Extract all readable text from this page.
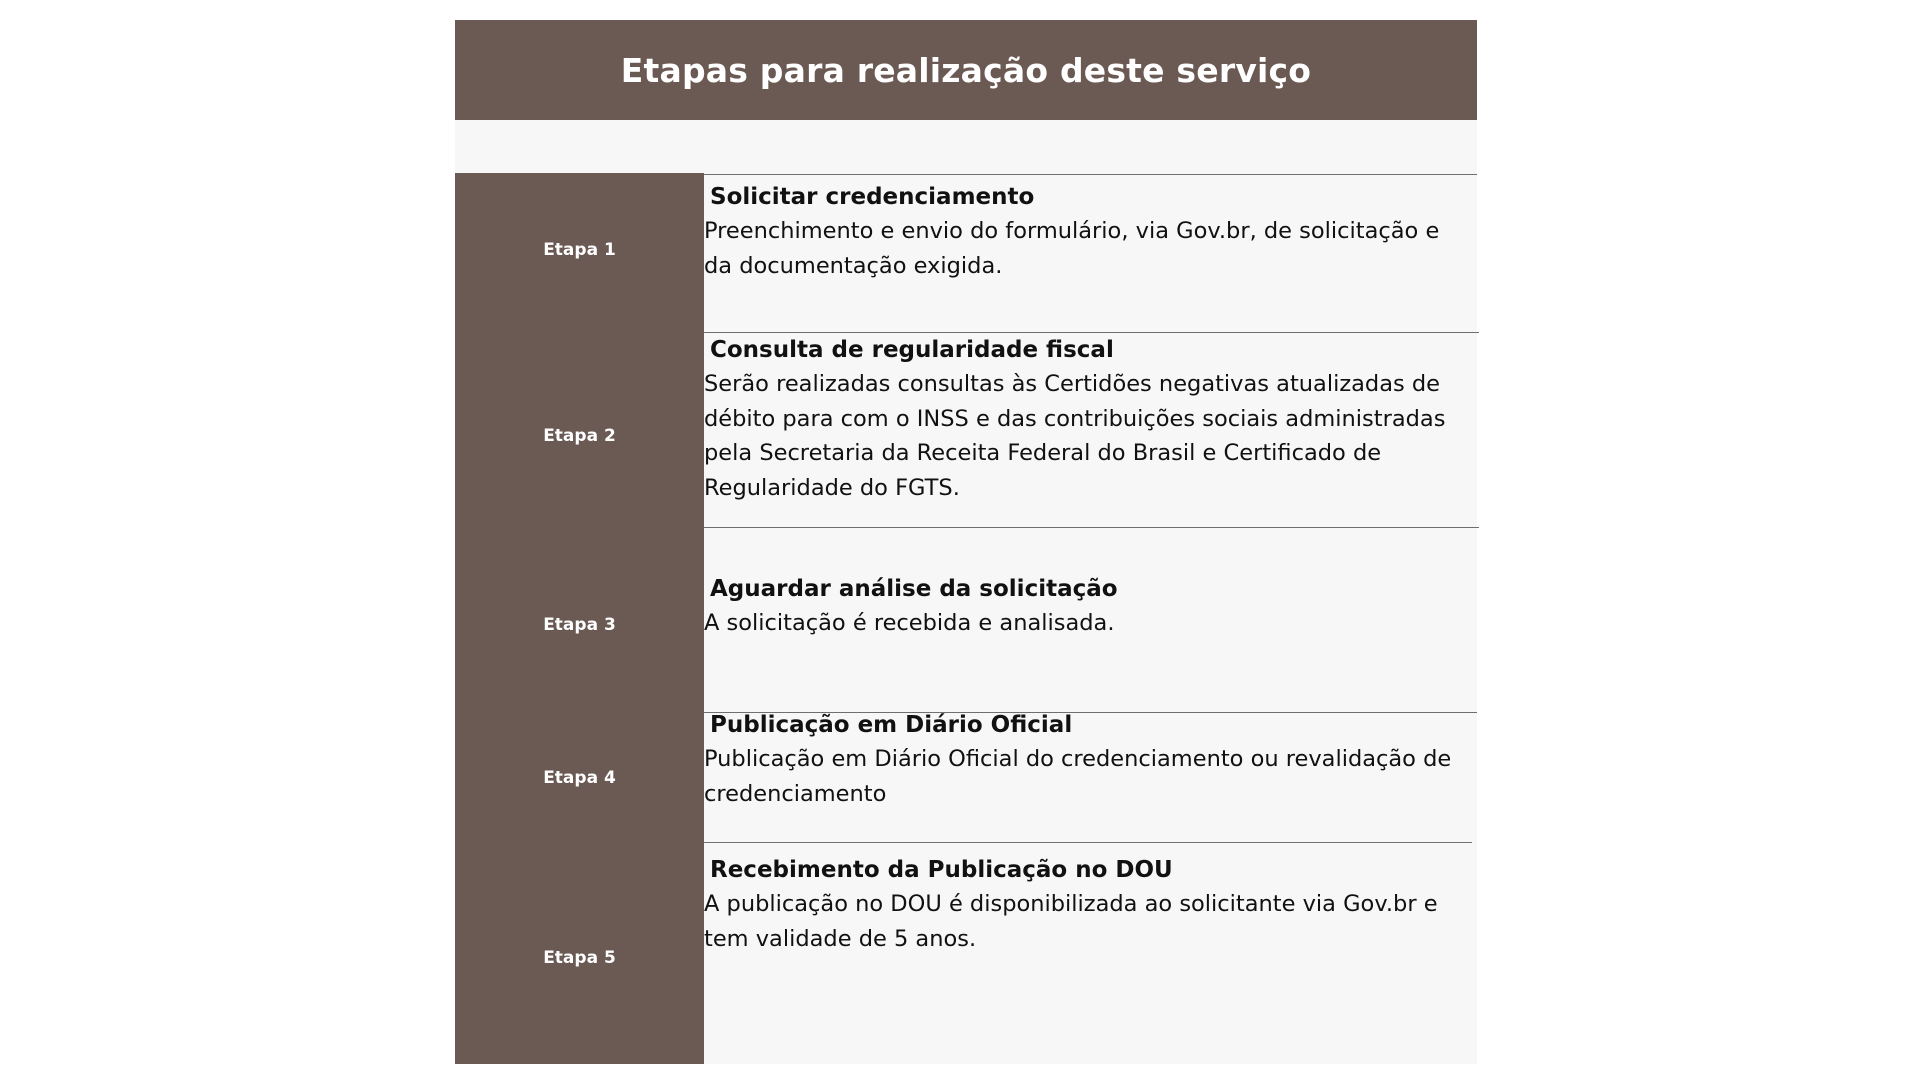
Etapas para realização deste serviço
Etapa 1
Etapa 2
Etapa 3
Etapa 4
Etapa 5
Solicitar credenciamento
Preenchimento e envio do formulário, via Gov.br, de solicitação e da documentação exigida.
Consulta de regularidade fiscal
Serão realizadas consultas às Certidões negativas atualizadas de débito para com o INSS e das contribuições sociais administradas pela Secretaria da Receita Federal do Brasil e Certificado de Regularidade do FGTS.
Aguardar análise da solicitação
A solicitação é recebida e analisada.
Publicação em Diário Oficial
Publicação em Diário Oficial do credenciamento ou revalidação de credenciamento
Recebimento da Publicação no DOU
A publicação no DOU é disponibilizada ao solicitante via Gov.br e tem validade de 5 anos.
